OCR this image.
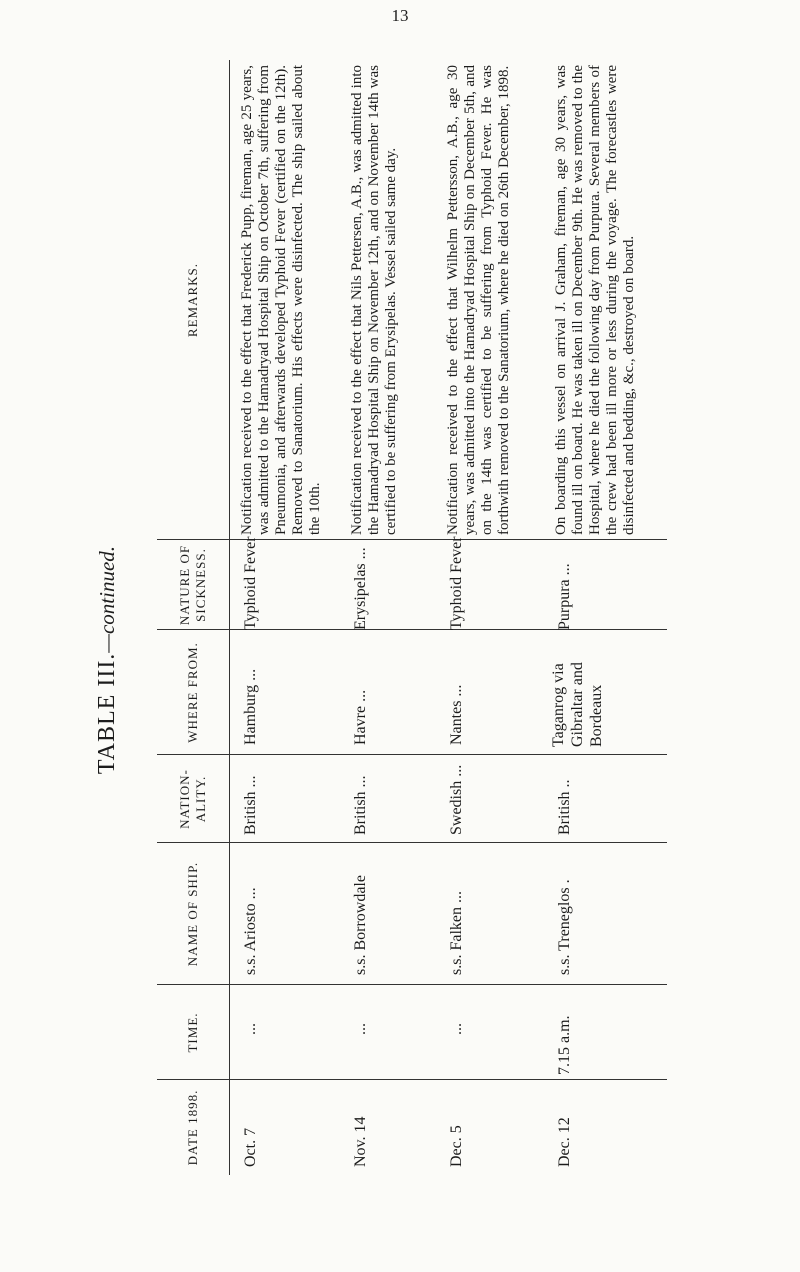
13
TABLE III.—continued.
DATE 1898.
TIME.
NAME OF SHIP.
NATION- ALITY.
WHERE FROM.
NATURE OF SICKNESS.
REMARKS.
Oct. 7
...
s.s. Ariosto ...
British ...
Hamburg ...
Typhoid Fever
Notification received to the effect that Frederick Pupp, fireman, age 25 years, was admitted to the Hamadryad Hospital Ship on October 7th, suffering from Pneumonia, and afterwards developed Typhoid Fever (certified on the 12th). Removed to Sanatorium. His effects were disinfected. The ship sailed about the 10th.
Nov. 14
...
s.s. Borrowdale
British ...
Havre ...
Erysipelas ...
Notification received to the effect that Nils Pettersen, A.B., was admitted into the Hamadryad Hospital Ship on November 12th, and on November 14th was certified to be suffering from Erysipelas. Vessel sailed same day.
Dec. 5
...
s.s. Falken ...
Swedish ...
Nantes ...
Typhoid Fever
Notification received to the effect that Wilhelm Pettersson, A.B., age 30 years, was admitted into the Hamadryad Hospital Ship on December 5th, and on the 14th was certified to be suffering from Typhoid Fever. He was forthwith removed to the Sanatorium, where he died on 26th December, 1898.
Dec. 12
7.15 a.m.
s.s. Treneglos .
British ..
Taganrog via Gibraltar and Bordeaux
Purpura ...
On boarding this vessel on arrival J. Graham, fireman, age 30 years, was found ill on board. He was taken ill on December 9th. He was removed to the Hospital, where he died the following day from Purpura. Several members of the crew had been ill more or less during the voyage. The forecastles were disinfected and bedding, &c., destroyed on board.
